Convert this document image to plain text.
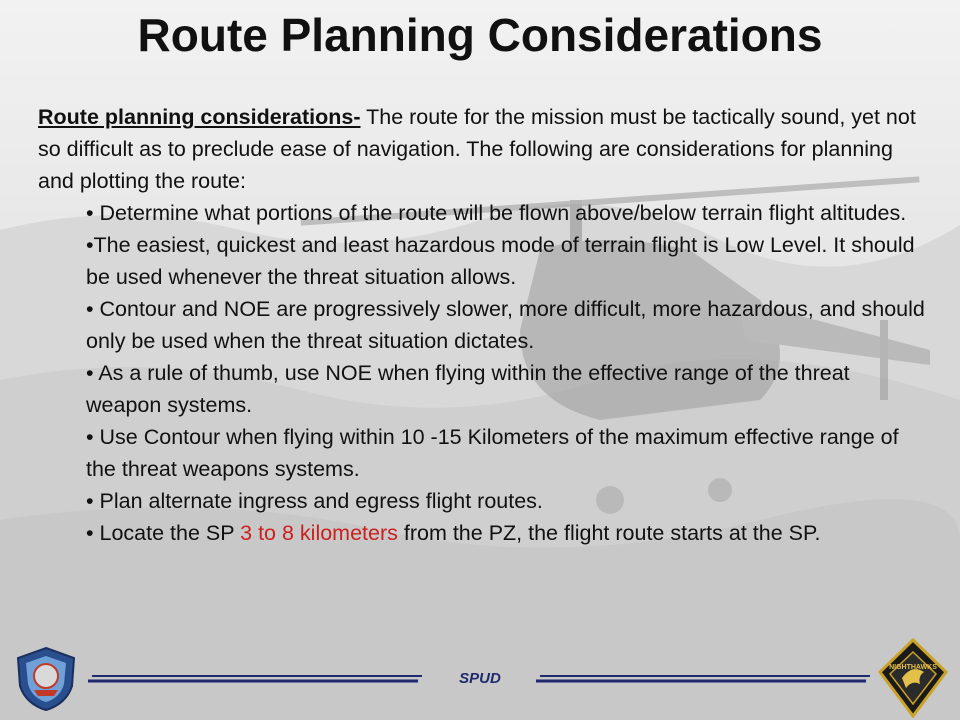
Route Planning Considerations

Route planning considerations- The route for the mission must be tactically sound, yet not so difficult as to preclude ease of navigation. The following are considerations for planning and plotting the route:

• Determine what portions of the route will be flown above/below terrain flight altitudes.
•The easiest, quickest and least hazardous mode of terrain flight is Low Level. It should be used whenever the threat situation allows.
• Contour and NOE are progressively slower, more difficult, more hazardous, and should only be used when the threat situation dictates.
• As a rule of thumb, use NOE when flying within the effective range of the threat weapon systems.
• Use Contour when flying within 10 -15 Kilometers of the maximum effective range of the threat weapons systems.
• Plan alternate ingress and egress flight routes.
• Locate the SP 3 to 8 kilometers from the PZ, the flight route starts at the SP.
SPUD
NIGHTHAWKS
